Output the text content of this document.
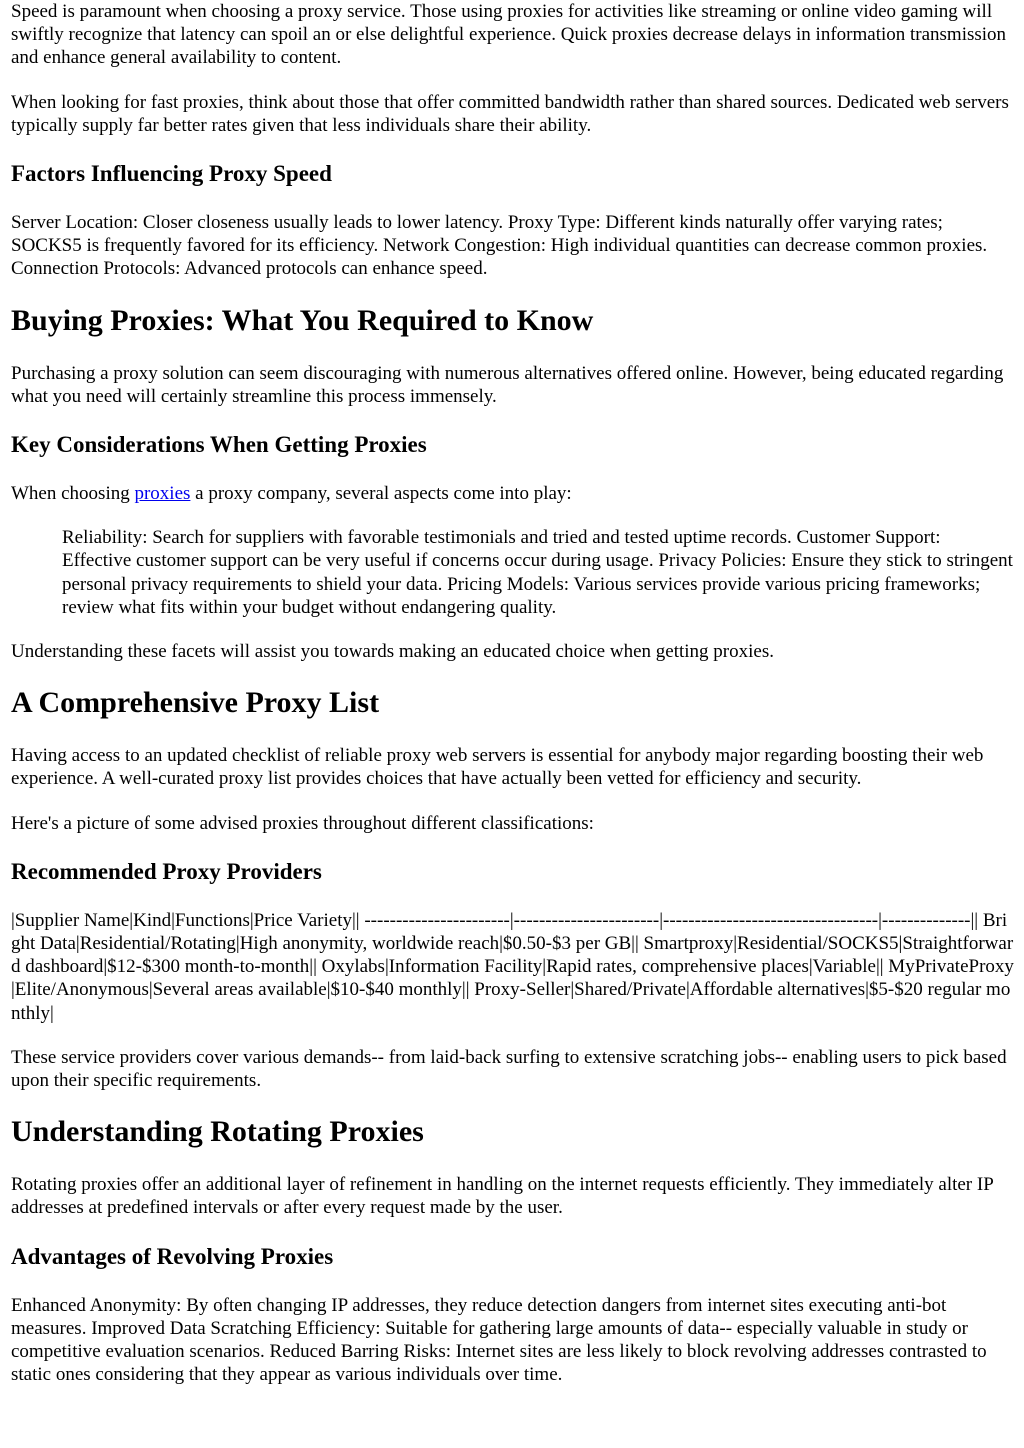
Speed is paramount when choosing a proxy service. Those using proxies for activities like streaming or online video gaming will swiftly recognize that latency can spoil an or else delightful experience. Quick proxies decrease delays in information transmission and enhance general availability to content.

When looking for fast proxies, think about those that offer committed bandwidth rather than shared sources. Dedicated web servers typically supply far better rates given that less individuals share their ability.

Factors Influencing Proxy Speed

Server Location: Closer closeness usually leads to lower latency. Proxy Type: Different kinds naturally offer varying rates; SOCKS5 is frequently favored for its efficiency. Network Congestion: High individual quantities can decrease common proxies. Connection Protocols: Advanced protocols can enhance speed.

Buying Proxies: What You Required to Know

Purchasing a proxy solution can seem discouraging with numerous alternatives offered online. However, being educated regarding what you need will certainly streamline this process immensely.

Key Considerations When Getting Proxies

When choosing proxies a proxy company, several aspects come into play:

Reliability: Search for suppliers with favorable testimonials and tried and tested uptime records. Customer Support: Effective customer support can be very useful if concerns occur during usage. Privacy Policies: Ensure they stick to stringent personal privacy requirements to shield your data. Pricing Models: Various services provide various pricing frameworks; review what fits within your budget without endangering quality.

Understanding these facets will assist you towards making an educated choice when getting proxies.

A Comprehensive Proxy List

Having access to an updated checklist of reliable proxy web servers is essential for anybody major regarding boosting their web experience. A well-curated proxy list provides choices that have actually been vetted for efficiency and security.

Here's a picture of some advised proxies throughout different classifications:

Recommended Proxy Providers

|Supplier Name|Kind|Functions|Price Variety|| -----------------------|-----------------------|----------------------------------|--------------|| Bright Data|Residential/Rotating|High anonymity, worldwide reach|$0.50-$3 per GB|| Smartproxy|Residential/SOCKS5|Straightforward dashboard|$12-$300 month-to-month|| Oxylabs|Information Facility|Rapid rates, comprehensive places|Variable|| MyPrivateProxy|Elite/Anonymous|Several areas available|$10-$40 monthly|| Proxy-Seller|Shared/Private|Affordable alternatives|$5-$20 regular monthly|

These service providers cover various demands-- from laid-back surfing to extensive scratching jobs-- enabling users to pick based upon their specific requirements.

Understanding Rotating Proxies

Rotating proxies offer an additional layer of refinement in handling on the internet requests efficiently. They immediately alter IP addresses at predefined intervals or after every request made by the user.

Advantages of Revolving Proxies

Enhanced Anonymity: By often changing IP addresses, they reduce detection dangers from internet sites executing anti-bot measures. Improved Data Scratching Efficiency: Suitable for gathering large amounts of data-- especially valuable in study or competitive evaluation scenarios. Reduced Barring Risks: Internet sites are less likely to block revolving addresses contrasted to static ones considering that they appear as various individuals over time.
